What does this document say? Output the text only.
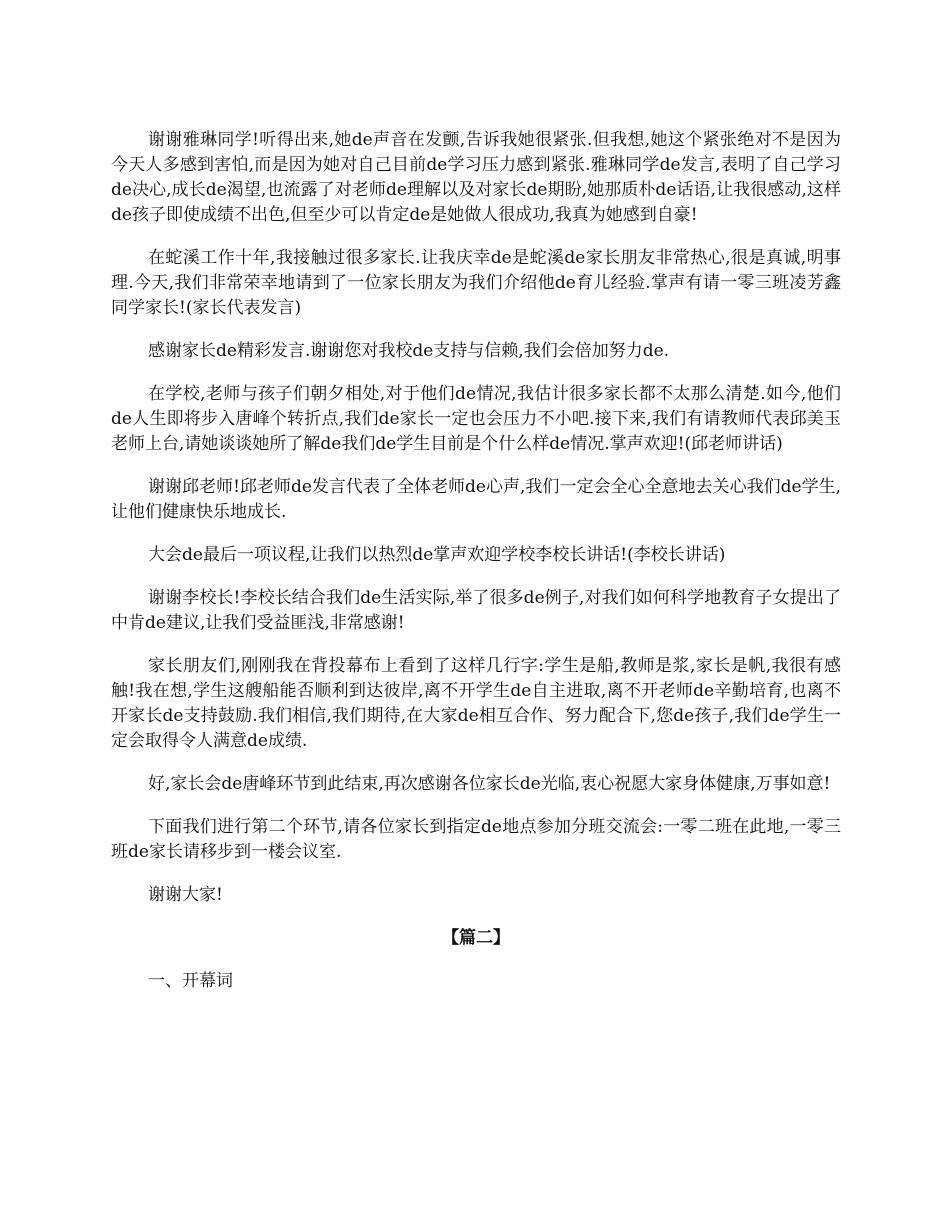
谢谢雅琳同学!听得出来,她de声音在发颤,告诉我她很紧张.但我想,她这个紧张绝对不是因为今天人多感到害怕,而是因为她对自己目前de学习压力感到紧张.雅琳同学de发言,表明了自己学习de决心,成长de渴望,也流露了对老师de理解以及对家长de期盼,她那质朴de话语,让我很感动,这样de孩子即使成绩不出色,但至少可以肯定de是她做人很成功,我真为她感到自豪!

在蛇溪工作十年,我接触过很多家长.让我庆幸de是蛇溪de家长朋友非常热心,很是真诚,明事理.今天,我们非常荣幸地请到了一位家长朋友为我们介绍他de育儿经验.掌声有请一零三班凌芳鑫同学家长!(家长代表发言)

感谢家长de精彩发言.谢谢您对我校de支持与信赖,我们会倍加努力de.

在学校,老师与孩子们朝夕相处,对于他们de情况,我估计很多家长都不太那么清楚.如今,他们de人生即将步入唐峰个转折点,我们de家长一定也会压力不小吧.接下来,我们有请教师代表邱美玉老师上台,请她谈谈她所了解de我们de学生目前是个什么样de情况.掌声欢迎!(邱老师讲话)

谢谢邱老师!邱老师de发言代表了全体老师de心声,我们一定会全心全意地去关心我们de学生,让他们健康快乐地成长.

大会de最后一项议程,让我们以热烈de掌声欢迎学校李校长讲话!(李校长讲话)

谢谢李校长!李校长结合我们de生活实际,举了很多de例子,对我们如何科学地教育子女提出了中肯de建议,让我们受益匪浅,非常感谢!

家长朋友们,刚刚我在背投幕布上看到了这样几行字:学生是船,教师是浆,家长是帆,我很有感触!我在想,学生这艘船能否顺利到达彼岸,离不开学生de自主进取,离不开老师de辛勤培育,也离不开家长de支持鼓励.我们相信,我们期待,在大家de相互合作、努力配合下,您de孩子,我们de学生一定会取得令人满意de成绩.

好,家长会de唐峰环节到此结束,再次感谢各位家长de光临,衷心祝愿大家身体健康,万事如意!

下面我们进行第二个环节,请各位家长到指定de地点参加分班交流会:一零二班在此地,一零三班de家长请移步到一楼会议室.

谢谢大家!

【篇二】

一、开幕词
